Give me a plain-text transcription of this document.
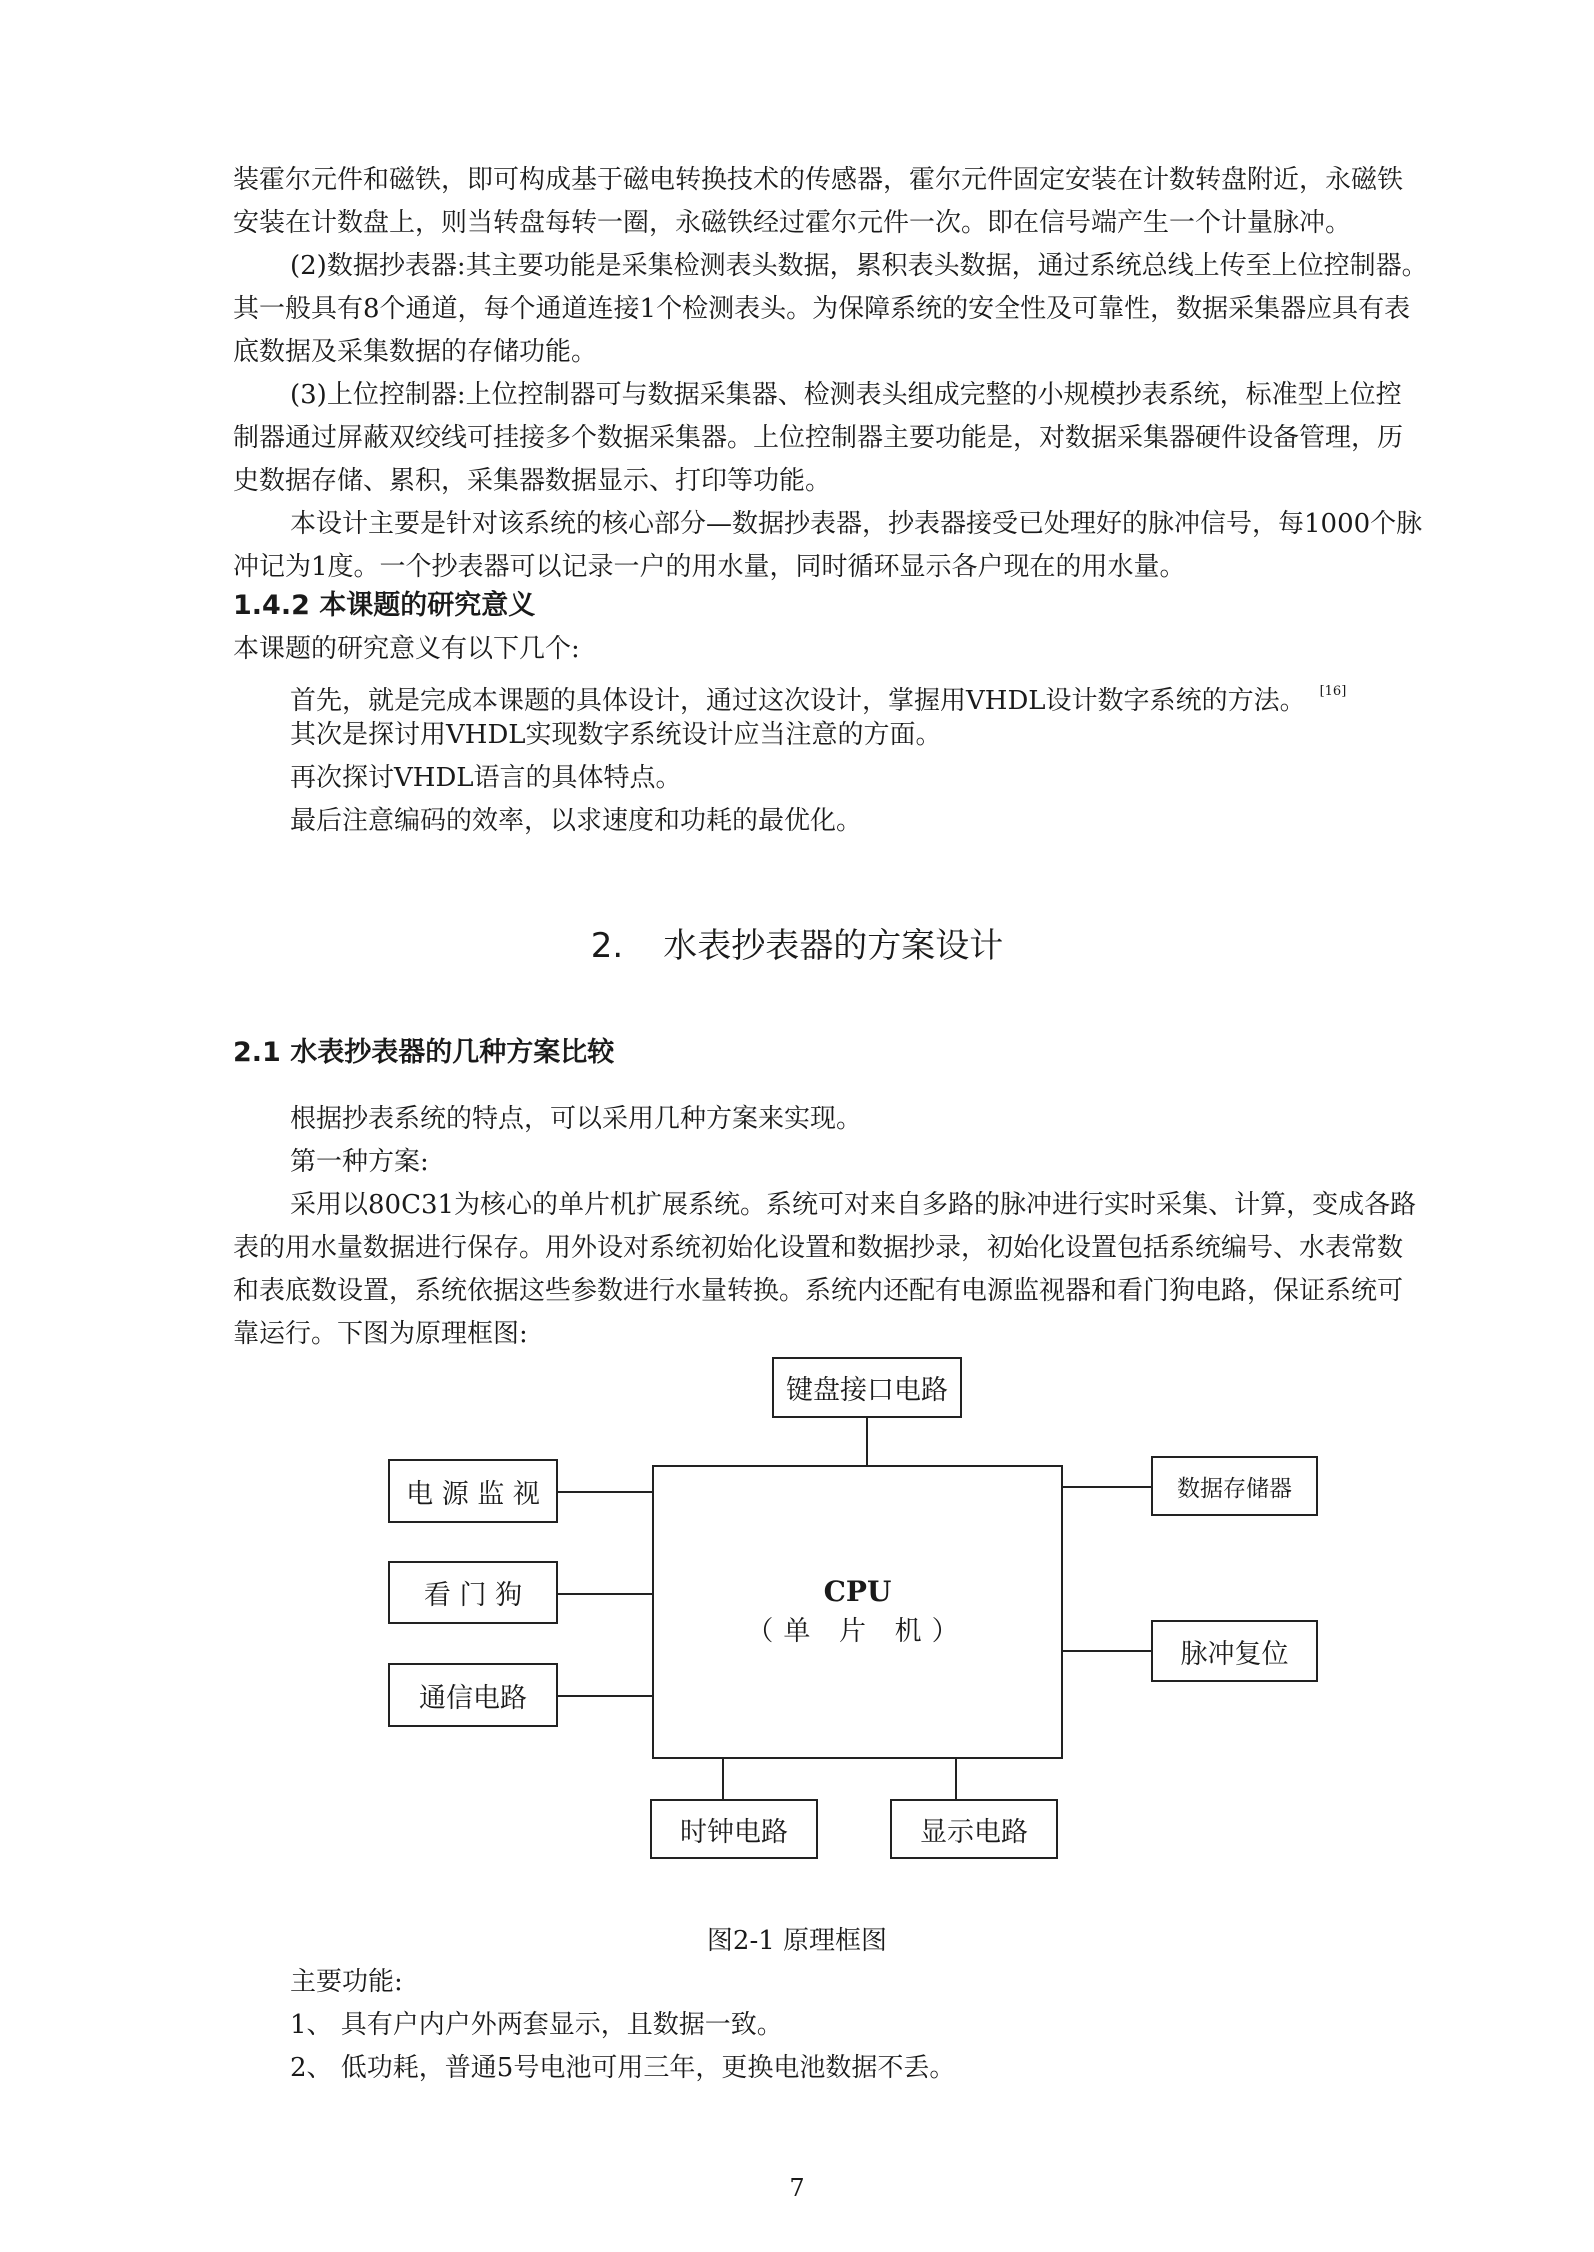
装霍尔元件和磁铁，即可构成基于磁电转换技术的传感器，霍尔元件固定安装在计数转盘附近，永磁铁
安装在计数盘上，则当转盘每转一圈，永磁铁经过霍尔元件一次。即在信号端产生一个计量脉冲。
(2)数据抄表器:其主要功能是采集检测表头数据，累积表头数据，通过系统总线上传至上位控制器。
其一般具有8个通道，每个通道连接1个检测表头。为保障系统的安全性及可靠性，数据采集器应具有表
底数据及采集数据的存储功能。
(3)上位控制器:上位控制器可与数据采集器、检测表头组成完整的小规模抄表系统，标准型上位控
制器通过屏蔽双绞线可挂接多个数据采集器。上位控制器主要功能是，对数据采集器硬件设备管理，历
史数据存储、累积，采集器数据显示、打印等功能。
本设计主要是针对该系统的核心部分—数据抄表器，抄表器接受已处理好的脉冲信号，每1000个脉
冲记为1度。一个抄表器可以记录一户的用水量，同时循环显示各户现在的用水量。
1.4.2 本课题的研究意义
本课题的研究意义有以下几个:
首先，就是完成本课题的具体设计，通过这次设计，掌握用VHDL设计数字系统的方法。 [16]
其次是探讨用VHDL实现数字系统设计应当注意的方面。
再次探讨VHDL语言的具体特点。
最后注意编码的效率，以求速度和功耗的最优化。
2. 水表抄表器的方案设计
2.1 水表抄表器的几种方案比较
根据抄表系统的特点，可以采用几种方案来实现。
第一种方案:
采用以80C31为核心的单片机扩展系统。系统可对来自多路的脉冲进行实时采集、计算，变成各路
表的用水量数据进行保存。用外设对系统初始化设置和数据抄录，初始化设置包括系统编号、水表常数
和表底数设置，系统依据这些参数进行水量转换。系统内还配有电源监视器和看门狗电路，保证系统可
靠运行。下图为原理框图:
键盘接口电路
电 源 监 视
看 门 狗
通信电路
CPU
（单 片 机）
数据存储器
脉冲复位
时钟电路	显示电路
图2-1 原理框图
主要功能:
1、 具有户内户外两套显示，且数据一致。
2、 低功耗，普通5号电池可用三年，更换电池数据不丢。
7
